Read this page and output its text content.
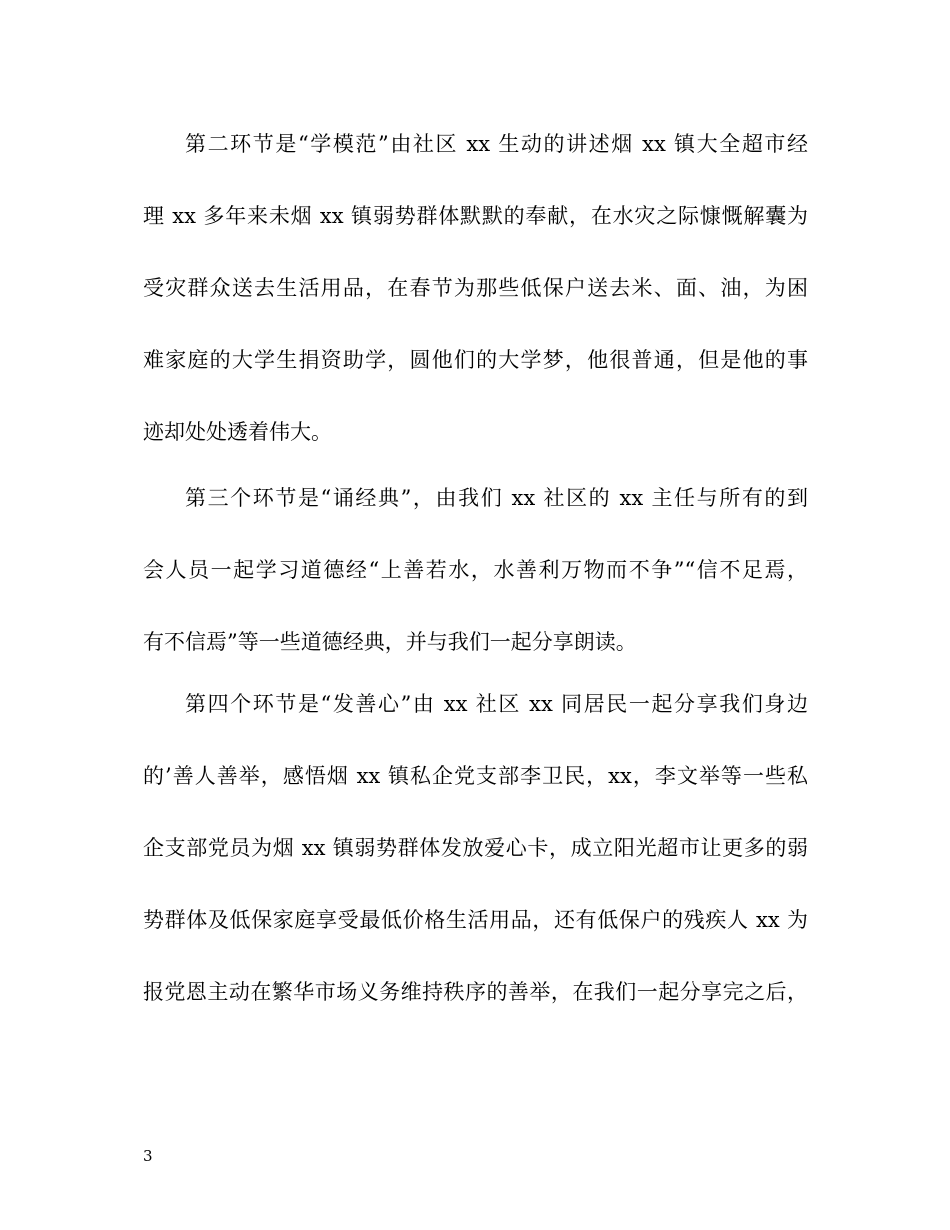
第二环节是“学模范”由社区 xx 生动的讲述烟 xx 镇大全超市经
理 xx 多年来未烟 xx 镇弱势群体默默的奉献，在水灾之际慷慨解囊为
受灾群众送去生活用品，在春节为那些低保户送去米、面、油，为困
难家庭的大学生捐资助学，圆他们的大学梦，他很普通，但是他的事
迹却处处透着伟大。
第三个环节是“诵经典”，由我们 xx 社区的 xx 主任与所有的到
会人员一起学习道德经“上善若水，水善利万物而不争”“信不足焉，
有不信焉”等一些道德经典，并与我们一起分享朗读。
第四个环节是“发善心”由 xx 社区 xx 同居民一起分享我们身边
的’善人善举，感悟烟 xx 镇私企党支部李卫民，xx，李文举等一些私
企支部党员为烟 xx 镇弱势群体发放爱心卡，成立阳光超市让更多的弱
势群体及低保家庭享受最低价格生活用品，还有低保户的残疾人 xx 为
报党恩主动在繁华市场义务维持秩序的善举，在我们一起分享完之后，
3
